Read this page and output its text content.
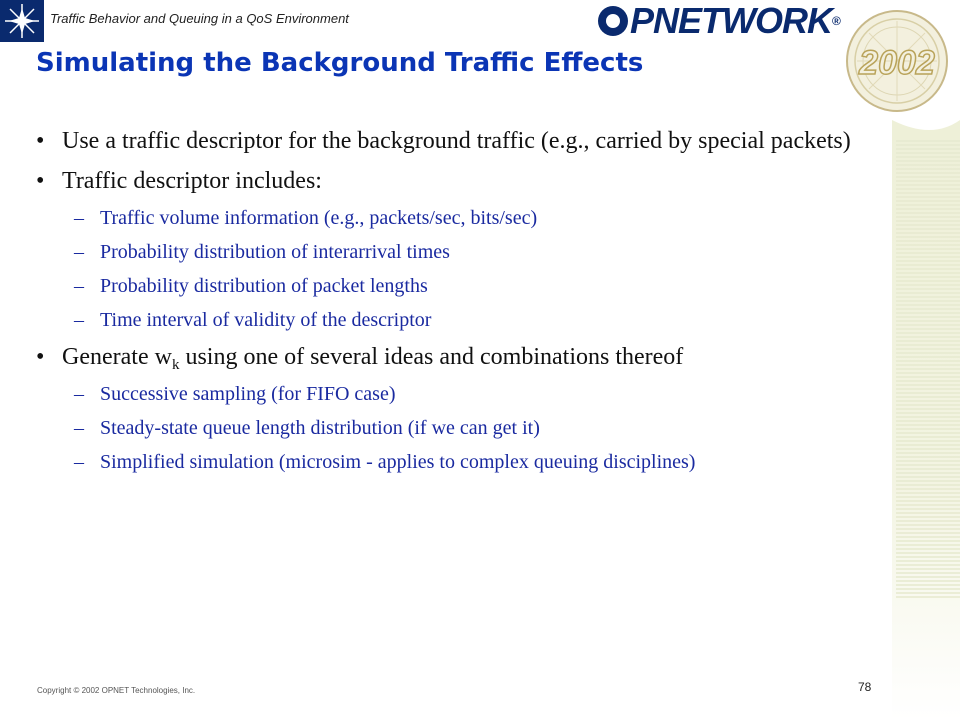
Traffic Behavior and Queuing in a QoS Environment	PNETWORK®
2002
Simulating the Background Traffic Effects
• Use a traffic descriptor for the background traffic (e.g., carried by special packets)
• Traffic descriptor includes:
– Traffic volume information (e.g., packets/sec, bits/sec)
– Probability distribution of interarrival times
– Probability distribution of packet lengths
– Time interval of validity of the descriptor
• Generate $w_k$ using one of several ideas and combinations thereof
– Successive sampling (for FIFO case)
– Steady-state queue length distribution (if we can get it)
– Simplified simulation (microsim - applies to complex queuing disciplines)
Copyright © 2002 OPNET Technologies, Inc.	78
